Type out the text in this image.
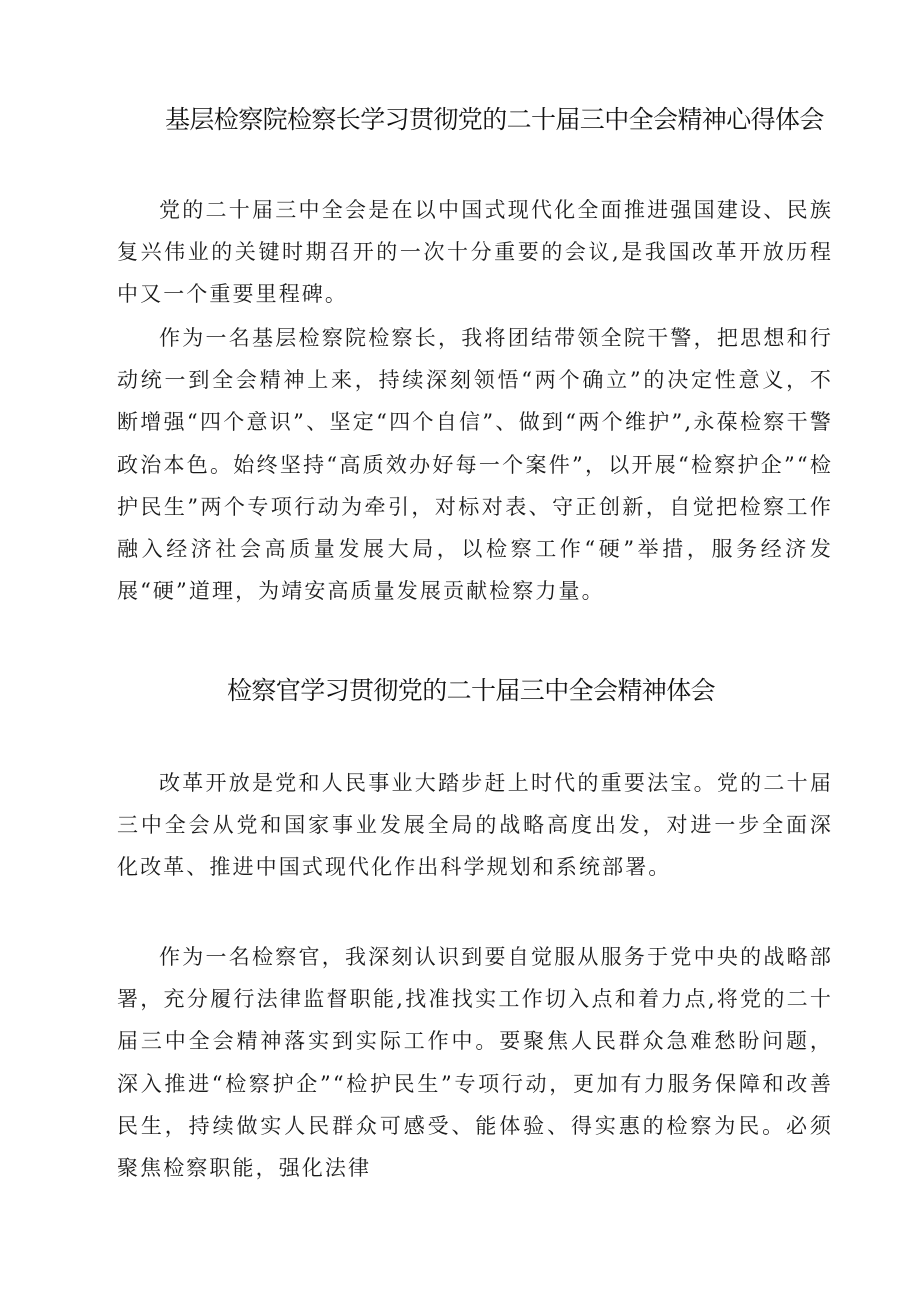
基层检察院检察长学习贯彻党的二十届三中全会精神心得体会

党的二十届三中全会是在以中国式现代化全面推进强国建设、民族复兴伟业的关键时期召开的一次十分重要的会议,是我国改革开放历程中又一个重要里程碑。

作为一名基层检察院检察长，我将团结带领全院干警，把思想和行动统一到全会精神上来，持续深刻领悟“两个确立”的决定性意义，不断增强“四个意识”、坚定“四个自信”、做到“两个维护”,永葆检察干警政治本色。始终坚持“高质效办好每一个案件”，以开展“检察护企”“检护民生”两个专项行动为牵引，对标对表、守正创新，自觉把检察工作融入经济社会高质量发展大局，以检察工作“硬”举措，服务经济发展“硬”道理，为靖安高质量发展贡献检察力量。

检察官学习贯彻党的二十届三中全会精神体会

改革开放是党和人民事业大踏步赶上时代的重要法宝。党的二十届三中全会从党和国家事业发展全局的战略高度出发，对进一步全面深化改革、推进中国式现代化作出科学规划和系统部署。

作为一名检察官，我深刻认识到要自觉服从服务于党中央的战略部署，充分履行法律监督职能,找准找实工作切入点和着力点,将党的二十届三中全会精神落实到实际工作中。要聚焦人民群众急难愁盼问题，深入推进“检察护企”“检护民生”专项行动，更加有力服务保障和改善民生，持续做实人民群众可感受、能体验、得实惠的检察为民。必须聚焦检察职能，强化法律
